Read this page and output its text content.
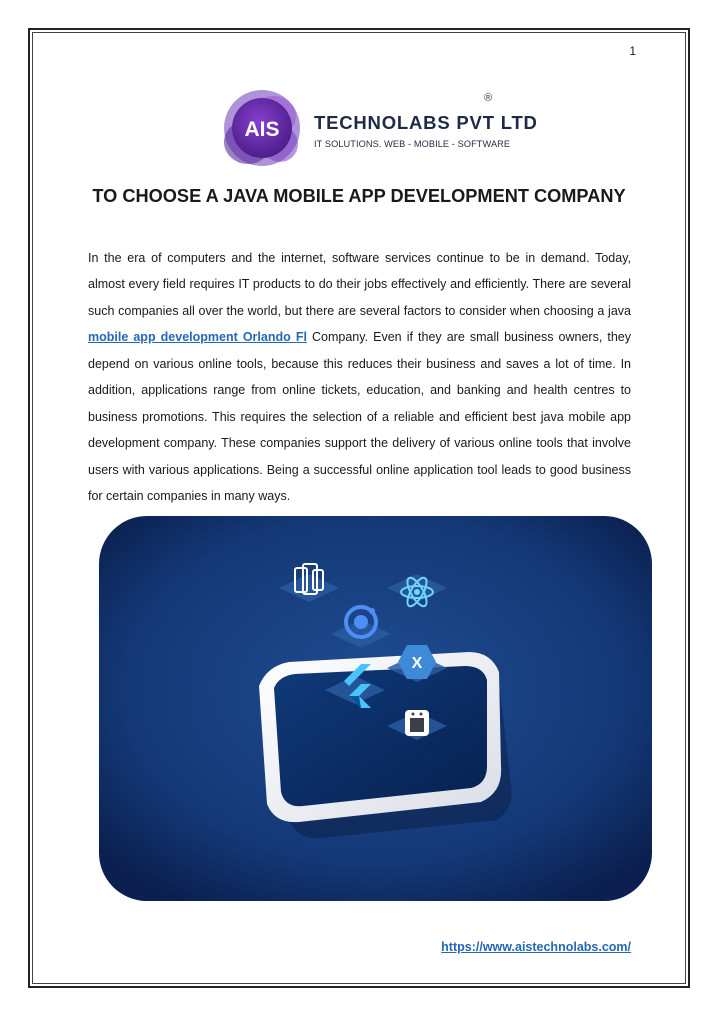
1
AIS TECHNOLABS PVT LTD
IT SOLUTIONS. WEB - MOBILE - SOFTWARE
®
TO CHOOSE A JAVA MOBILE APP DEVELOPMENT COMPANY

In the era of computers and the internet, software services continue to be in demand. Today, almost every field requires IT products to do their jobs effectively and efficiently. There are several such companies all over the world, but there are several factors to consider when choosing a java mobile app development Orlando Fl Company. Even if they are small business owners, they depend on various online tools, because this reduces their business and saves a lot of time. In addition, applications range from online tickets, education, and banking and health centres to business promotions. This requires the selection of a reliable and efficient best java mobile app development company. These companies support the delivery of various online tools that involve users with various applications. Being a successful online application tool leads to good business for certain companies in many ways.

X
https://www.aistechnolabs.com/
